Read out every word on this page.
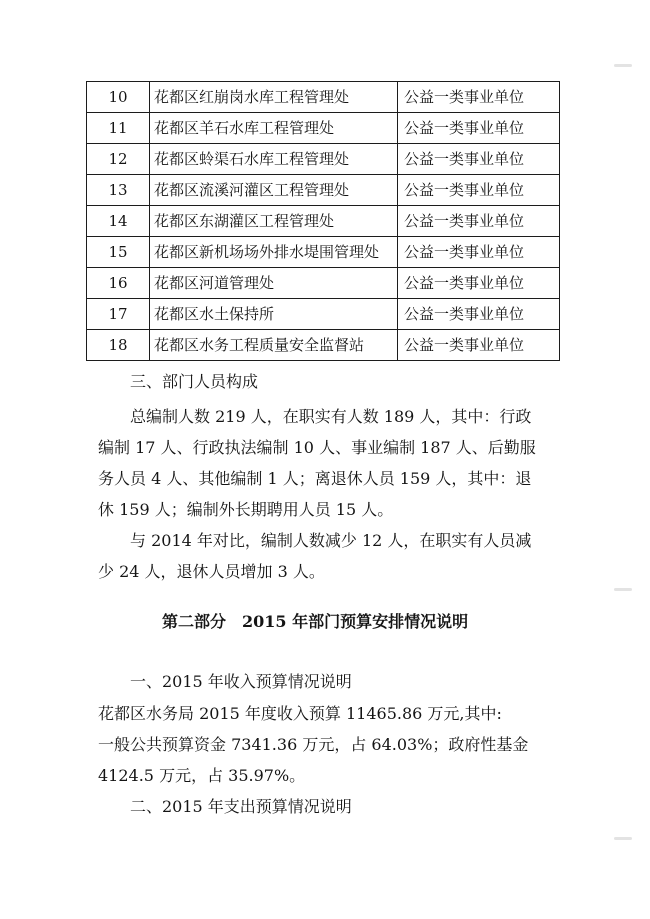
10	花都区红崩岗水库工程管理处	公益一类事业单位
11	花都区羊石水库工程管理处	公益一类事业单位
12	花都区蛉渠石水库工程管理处	公益一类事业单位
13	花都区流溪河灌区工程管理处	公益一类事业单位
14	花都区东湖灌区工程管理处	公益一类事业单位
15	花都区新机场场外排水堤围管理处	公益一类事业单位
16	花都区河道管理处	公益一类事业单位
17	花都区水土保持所	公益一类事业单位
18	花都区水务工程质量安全监督站	公益一类事业单位
三、部门人员构成
总编制人数 219 人，在职实有人数 189 人，其中：行政
编制 17 人、行政执法编制 10 人、事业编制 187 人、后勤服
务人员 4 人、其他编制 1 人；离退休人员 159 人，其中：退
休 159 人；编制外长期聘用人员 15 人。
与 2014 年对比，编制人数减少 12 人，在职实有人员减
少 24 人，退休人员增加 3 人。
第二部分　2015 年部门预算安排情况说明
一、2015 年收入预算情况说明
花都区水务局 2015 年度收入预算 11465.86 万元,其中:
一般公共预算资金 7341.36 万元，占 64.03%；政府性基金
4124.5 万元，占 35.97%。
二、2015 年支出预算情况说明
